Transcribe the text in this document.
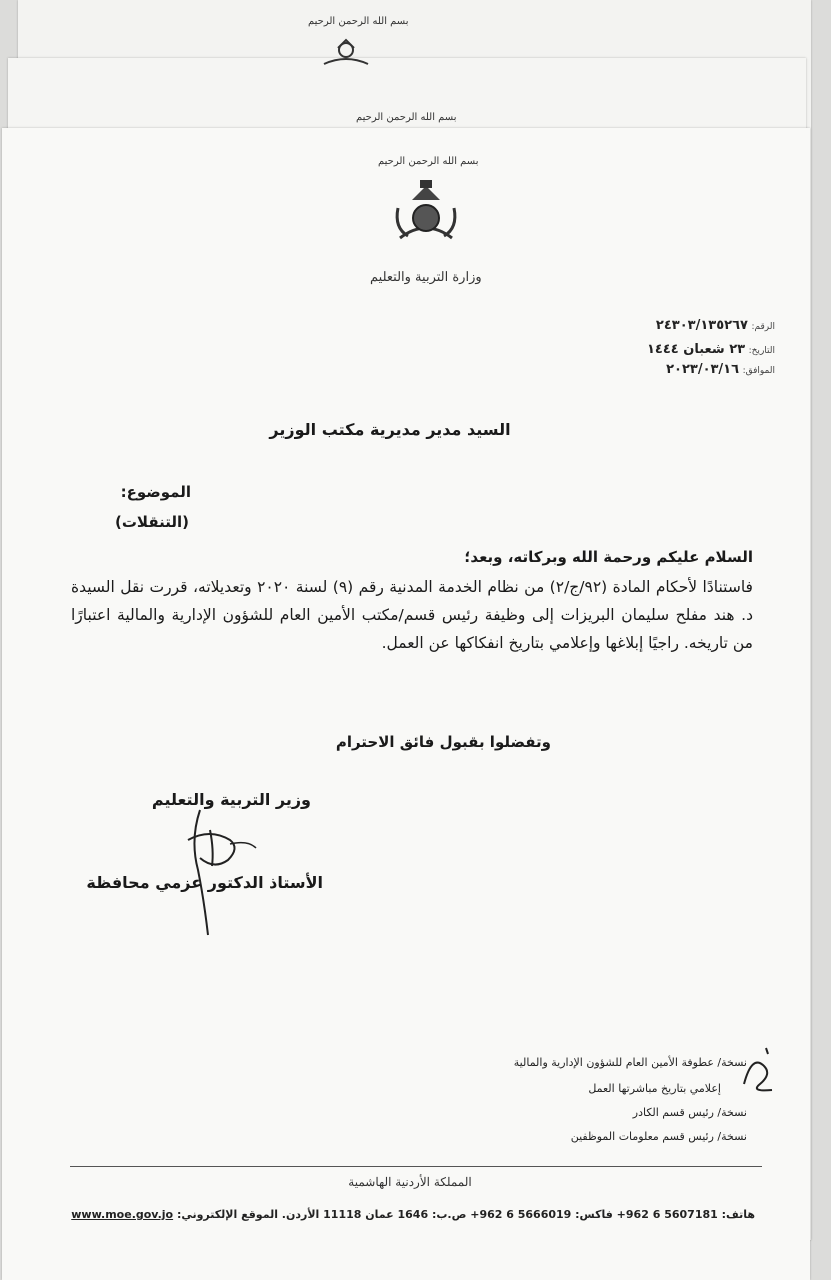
بسم الله الرحمن الرحيم
بسم الله الرحمن الرحيم
بسم الله الرحمن الرحيم
وزارة التربية والتعليم
الرقم: ٢٤٣٠٣/١٣٥٢٦٧
التاريخ: ٢٣ شعبان ١٤٤٤
الموافق: ٢٠٢٣/٠٣/١٦
السيد مدير مديرية مكتب الوزير
الموضوع:
(التنقلات)
السلام عليكم ورحمة الله وبركاته، وبعد؛
فاستنادًا لأحكام المادة (٩٢/ج/٢) من نظام الخدمة المدنية رقم (٩) لسنة ٢٠٢٠ وتعديلاته، قررت نقل السيدة د. هند مفلح سليمان البريزات إلى وظيفة رئيس قسم/مكتب الأمين العام للشؤون الإدارية والمالية اعتبارًا من تاريخه. راجيًا إبلاغها وإعلامي بتاريخ انفكاكها عن العمل.
وتفضلوا بقبول فائق الاحترام
وزير التربية والتعليم
الأستاذ الدكتور عزمي محافظة
نسخة/ عطوفة الأمين العام للشؤون الإدارية والمالية
إعلامي بتاريخ مباشرتها العمل
نسخة/ رئيس قسم الكادر
نسخة/ رئيس قسم معلومات الموظفين
المملكة الأردنية الهاشمية
هاتف: 5607181 6 962+ فاكس: 5666019 6 962+ ص.ب: 1646 عمان 11118 الأردن. الموقع الإلكتروني: www.moe.gov.jo
